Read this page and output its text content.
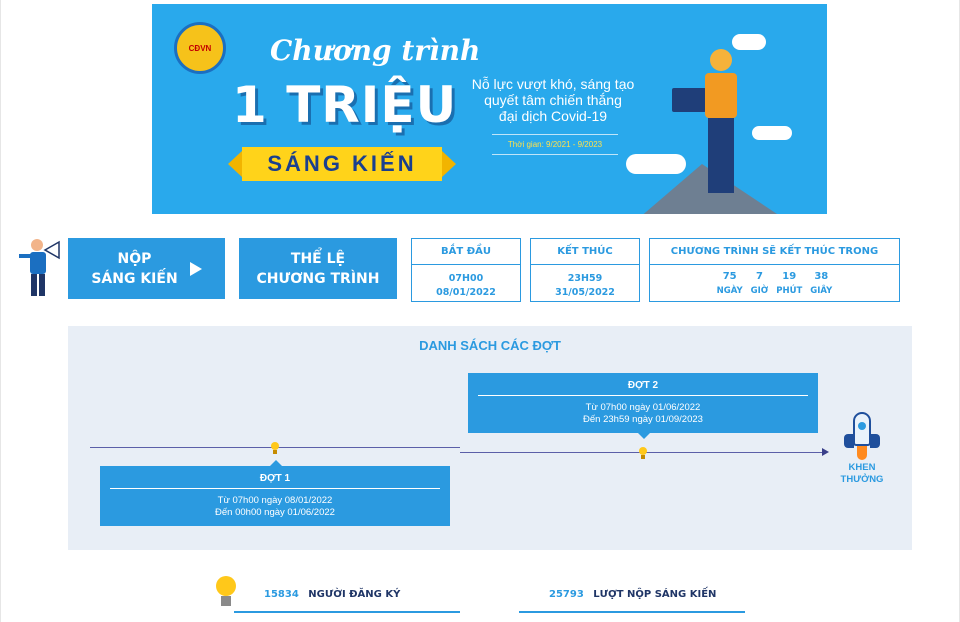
CĐVN Chương trình
1 TRIỆU
SÁNG KIẾN
Nỗ lực vượt khó, sáng tạo
quyết tâm chiến thắng
đại dịch Covid-19
Thời gian: 9/2021 - 9/2023
NỘP
SÁNG KIẾN
THỂ LỆ
CHƯƠNG TRÌNH
BẮT ĐẦU
07H00
08/01/2022
KẾT THÚC
23H59
31/05/2022
CHƯƠNG TRÌNH SẼ KẾT THÚC TRONG
75
NGÀY
7
GIỜ
19
PHÚT
38
GIÂY
DANH SÁCH CÁC ĐỢT
ĐỢT 2
Từ 07h00 ngày 01/06/2022
Đến 23h59 ngày 01/09/2023
ĐỢT 1
Từ 07h00 ngày 08/01/2022
Đến 00h00 ngày 01/06/2022
KHEN
THƯỞNG
15834 NGƯỜI ĐĂNG KÝ	25793 LƯỢT NỘP SÁNG KIẾN
